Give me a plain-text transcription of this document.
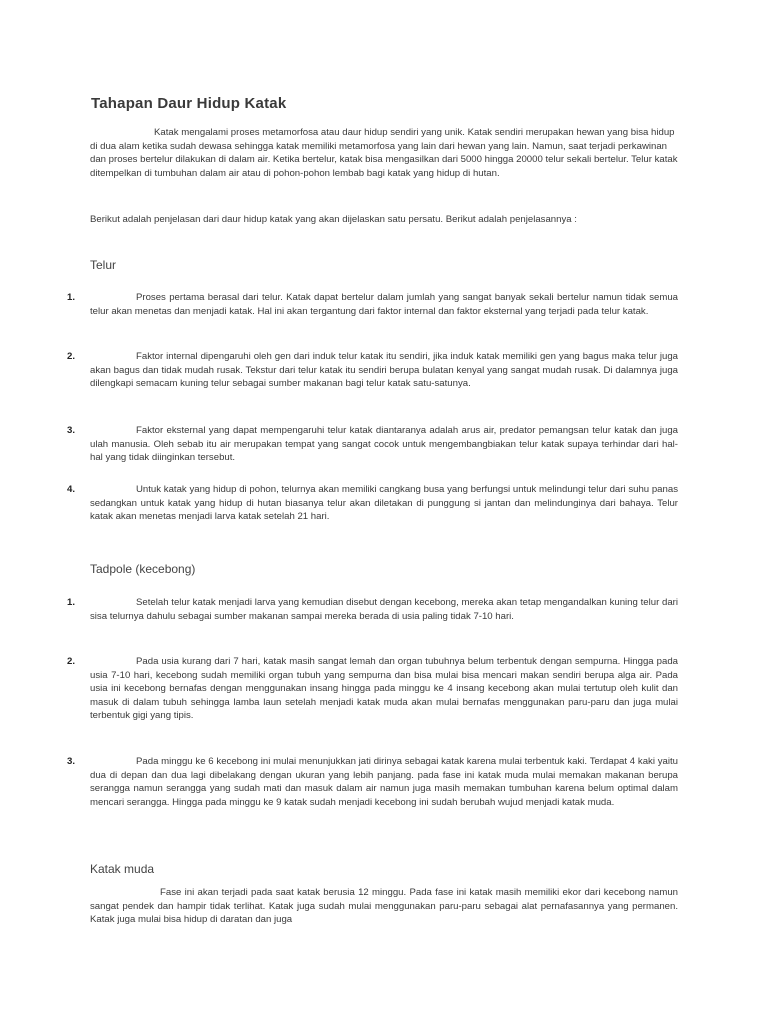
Tahapan Daur Hidup Katak
Katak mengalami proses metamorfosa atau daur hidup sendiri yang unik. Katak sendiri merupakan hewan yang bisa hidup di dua alam ketika sudah dewasa sehingga katak memiliki metamorfosa yang lain dari hewan yang lain. Namun, saat terjadi perkawinan dan proses bertelur dilakukan di dalam air. Ketika bertelur, katak bisa mengasilkan dari 5000 hingga 20000 telur sekali bertelur. Telur katak ditempelkan di tumbuhan dalam air atau di pohon-pohon lembab bagi katak yang hidup di hutan.
Berikut adalah penjelasan dari daur hidup katak yang akan dijelaskan satu persatu. Berikut adalah penjelasannya :
Telur
1.	Proses pertama berasal dari telur. Katak dapat bertelur dalam jumlah yang sangat banyak sekali bertelur namun tidak semua telur akan menetas dan menjadi katak. Hal ini akan tergantung dari faktor internal dan faktor eksternal yang terjadi pada telur katak.
2.	Faktor internal dipengaruhi oleh gen dari induk telur katak itu sendiri, jika induk katak memiliki gen yang bagus maka telur juga akan bagus dan tidak mudah rusak. Tekstur dari telur katak itu sendiri berupa bulatan kenyal yang sangat mudah rusak. Di dalamnya juga dilengkapi semacam kuning telur sebagai sumber makanan bagi telur katak satu-satunya.
3.	Faktor eksternal yang dapat mempengaruhi telur katak diantaranya adalah arus air, predator pemangsan telur katak dan juga ulah manusia. Oleh sebab itu air merupakan tempat yang sangat cocok untuk mengembangbiakan telur katak supaya terhindar dari hal-hal yang tidak diinginkan tersebut.
4.	Untuk katak yang hidup di pohon, telurnya akan memiliki cangkang busa yang berfungsi untuk melindungi telur dari suhu panas sedangkan untuk katak yang hidup di hutan biasanya telur akan diletakan di punggung si jantan dan melindunginya dari bahaya. Telur katak akan menetas menjadi larva katak setelah 21 hari.
Tadpole (kecebong)
1.	Setelah telur katak menjadi larva yang kemudian disebut dengan kecebong, mereka akan tetap mengandalkan kuning telur dari sisa telurnya dahulu sebagai sumber makanan sampai mereka berada di usia paling tidak 7-10 hari.
2.	Pada usia kurang dari 7 hari, katak masih sangat lemah dan organ tubuhnya belum terbentuk dengan sempurna. Hingga pada usia 7-10 hari, kecebong sudah memiliki organ tubuh yang sempurna dan bisa mulai bisa mencari makan sendiri berupa alga air. Pada usia ini kecebong bernafas dengan menggunakan insang hingga pada minggu ke 4 insang kecebong akan mulai tertutup oleh kulit dan masuk di dalam tubuh sehingga lamba laun setelah menjadi katak muda akan mulai bernafas menggunakan paru-paru dan juga mulai terbentuk gigi yang tipis.
3.	Pada minggu ke 6 kecebong ini mulai menunjukkan jati dirinya sebagai katak karena mulai terbentuk kaki. Terdapat 4 kaki yaitu dua di depan dan dua lagi dibelakang dengan ukuran yang lebih panjang. pada fase ini katak muda mulai memakan makanan berupa serangga namun serangga yang sudah mati dan masuk dalam air namun juga masih memakan tumbuhan karena belum optimal dalam mencari serangga. Hingga pada minggu ke 9 katak sudah menjadi kecebong ini sudah berubah wujud menjadi katak muda.
Katak muda
Fase ini akan terjadi pada saat katak berusia 12 minggu. Pada fase ini katak masih memiliki ekor dari kecebong namun sangat pendek dan hampir tidak terlihat. Katak juga sudah mulai menggunakan paru-paru sebagai alat pernafasannya yang permanen. Katak juga mulai bisa hidup di daratan dan juga
